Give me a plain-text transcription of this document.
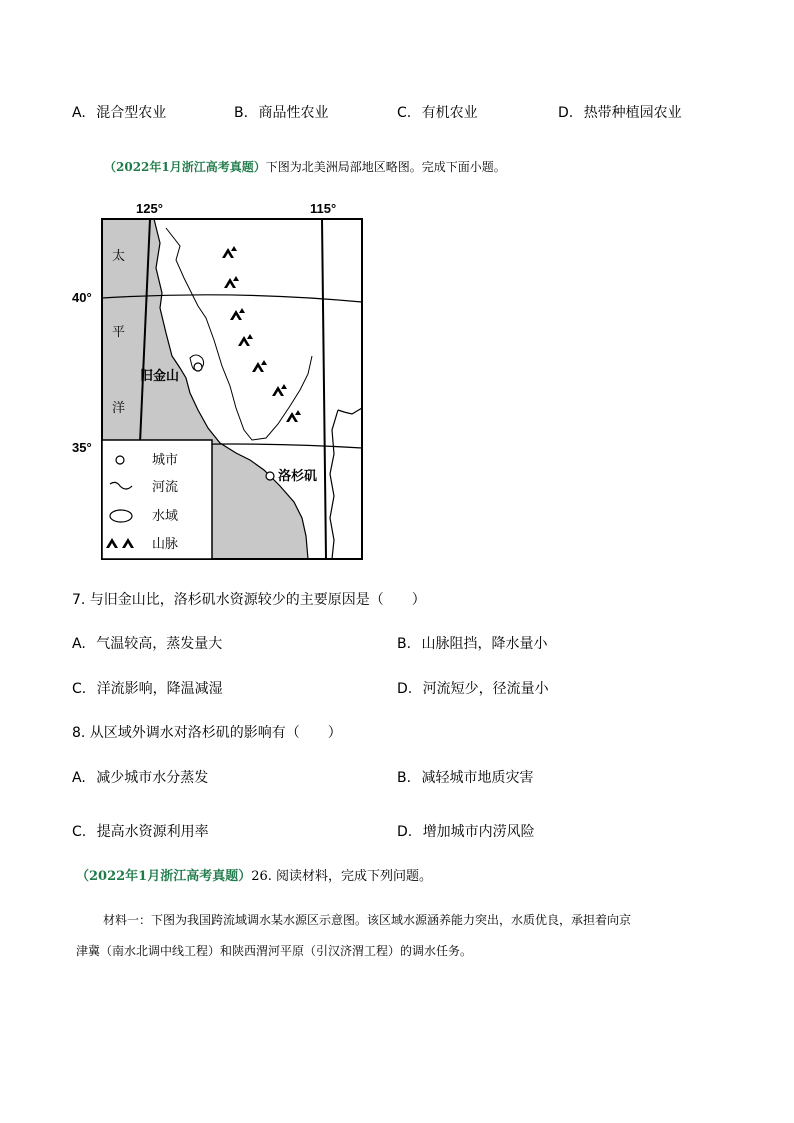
A. 混合型农业	B. 商品性农业	C. 有机农业	D. 热带种植园农业
（2022年1月浙江高考真题）下图为北美洲局部地区略图。完成下面小题。
城市
河流
水域
山脉
125°	115°
40°
35°
太
平
洋
旧金山
洛杉矶
7. 与旧金山比，洛杉矶水资源较少的主要原因是（　　）
A. 气温较高，蒸发量大	B. 山脉阻挡，降水量小
C. 洋流影响，降温减湿	D. 河流短少，径流量小
8. 从区域外调水对洛杉矶的影响有（　　）
A. 减少城市水分蒸发	B. 减轻城市地质灾害
C. 提高水资源利用率	D. 增加城市内涝风险
（2022年1月浙江高考真题）26. 阅读材料，完成下列问题。
材料一：下图为我国跨流域调水某水源区示意图。该区域水源涵养能力突出，水质优良，承担着向京
津冀（南水北调中线工程）和陕西渭河平原（引汉济渭工程）的调水任务。
